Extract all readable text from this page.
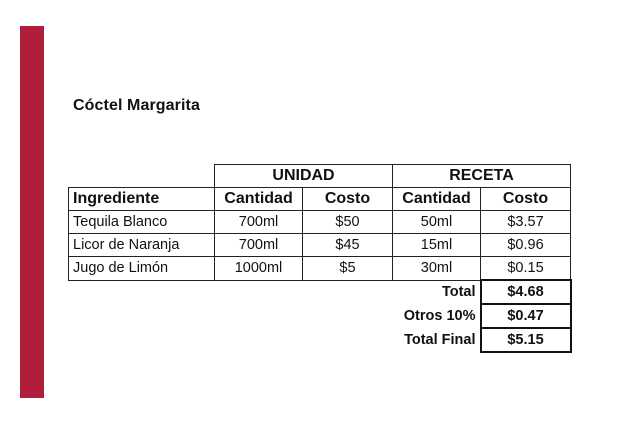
Cóctel Margarita
	UNIDAD		RECETA	
Ingrediente	Cantidad	Costo	Cantidad	Costo
Tequila Blanco	700ml	$50	50ml	$3.57
Licor de Naranja	700ml	$45	15ml	$0.96
Jugo de Limón	1000ml	$5	30ml	$0.15
Total				$4.68
Otros 10%				$0.47
Total Final				$5.15
